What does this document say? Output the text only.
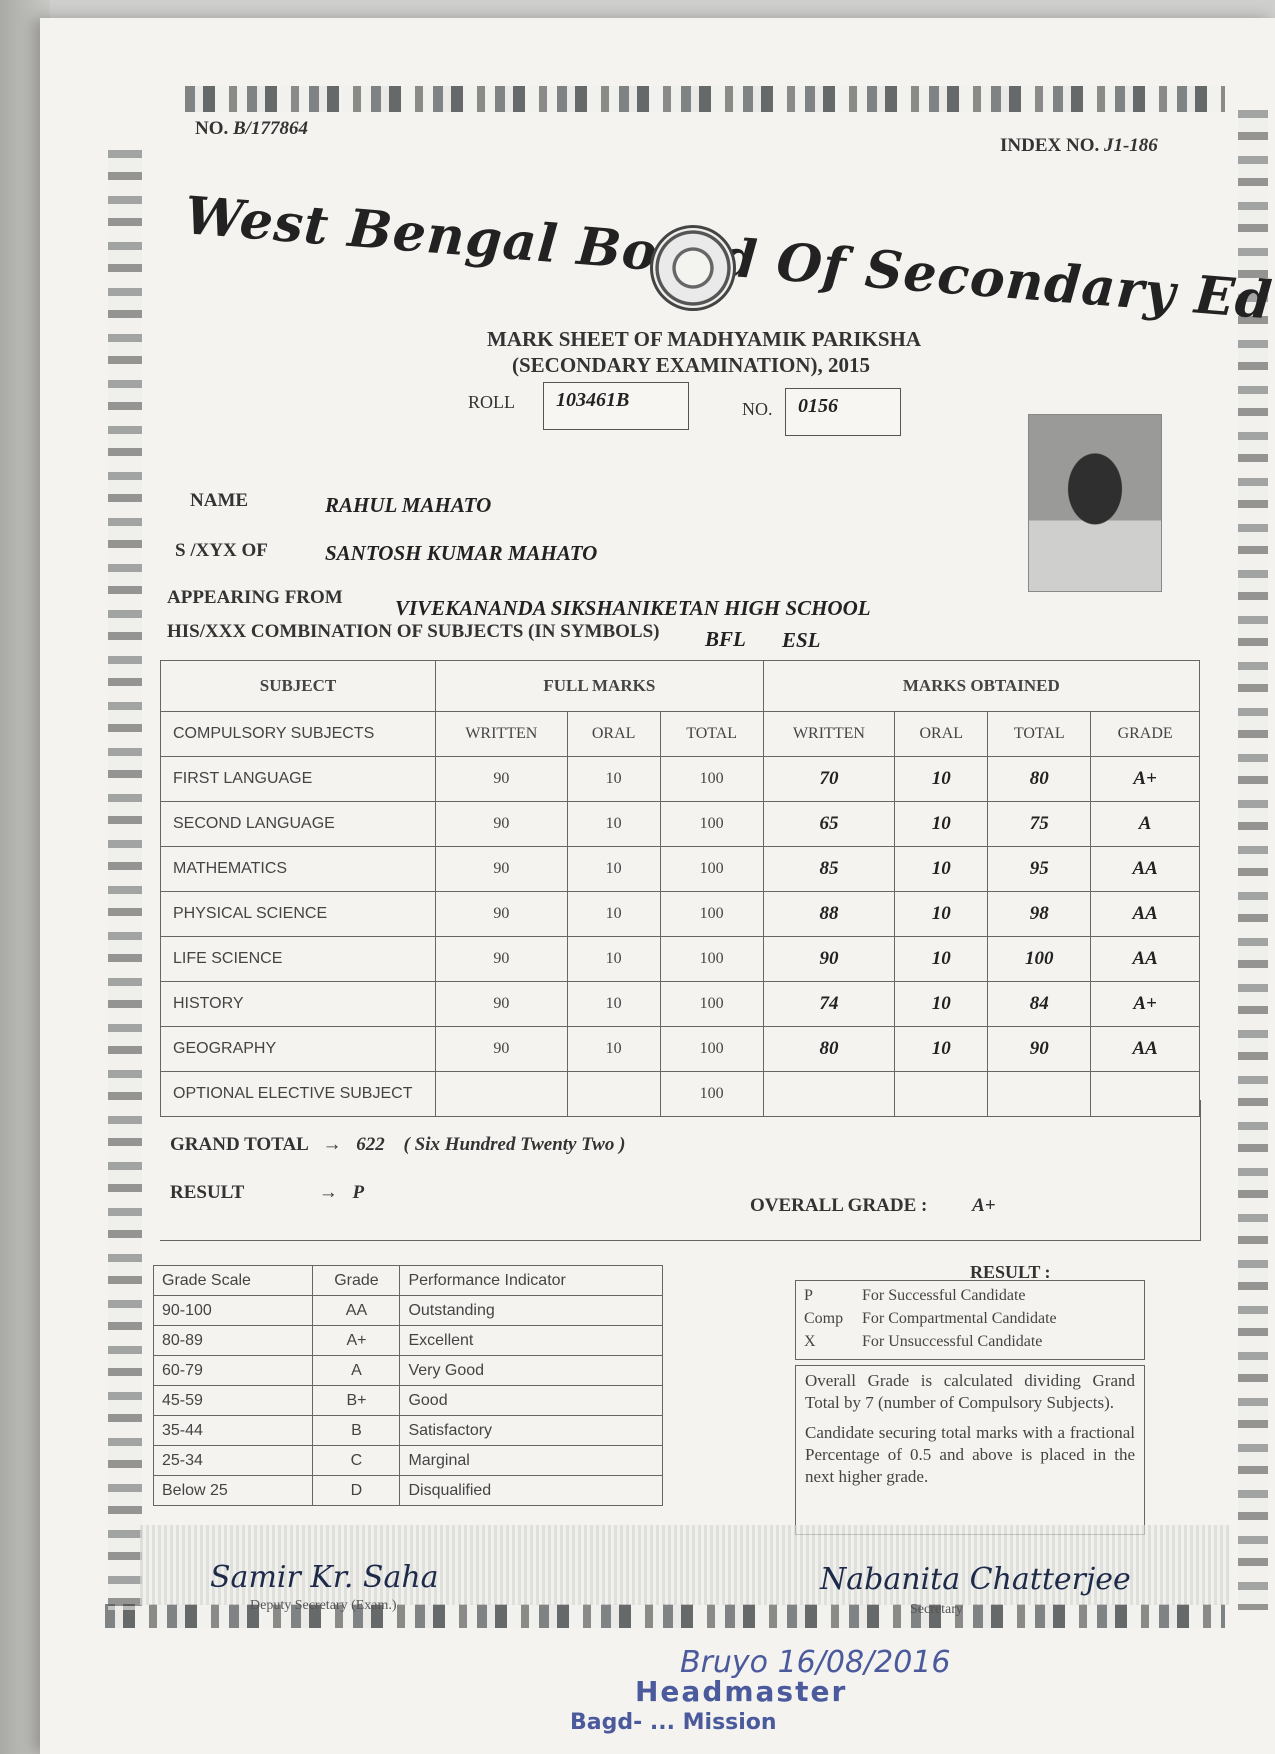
NO. B/177864
INDEX NO. J1-186
West Bengal Of Secondary
MARK SHEET OF MADHYAMIK PARIKSHA
(SECONDARY EXAMINATION), 2015
ROLL	103461B	NO.	0156
NAME	RAHUL MAHATO
S /XYX OF	SANTOSH KUMAR MAHATO
APPEARING FROM VIVEKANANDA SIKSHANIKETAN HIGH SCHOOL
HIS/XXX COMBINATION OF SUBJECTS (IN SYMBOLS) BFL ESL
SUBJECT	FULL MARKS			MARKS OBTAINED			
COMPULSORY SUBJECTS	WRITTEN	ORAL	TOTAL	WRITTEN	ORAL	TOTAL	GRADE
FIRST LANGUAGE	90	10	100	70	10	80	A+
SECOND LANGUAGE	90	10	100	65	10	75	A
MATHEMATICS	90	10	100	85	10	95	AA
PHYSICAL SCIENCE	90	10	100	88	10	98	AA
LIFE SCIENCE	90	10	100	90	10	100	AA
HISTORY	90	10	100	74	10	84	A+
GEOGRAPHY	90	10	100	80	10	90	AA
OPTIONAL ELECTIVE SUBJECT			100				
GRAND TOTAL → 622 ( Six Hundred Twenty Two )
RESULT	→ P
OVERALL GRADE : A+
Grade Scale	Grade	Performance Indicator
90-100	AA	Outstanding
80-89	A+	Excellent
60-79	A	Very Good
45-59	B+	Good
35-44	B	Satisfactory
25-34	C	Marginal
Below 25	D	Disqualified
RESULT :
P	For Successful Candidate
Comp For Compartmental Candidate
X	For Unsuccessful Candidate

Overall Grade is calculated dividing Grand Total by 7 (number of Compulsory Subjects).

Candidate securing total marks with a fractional Percentage of 0.5 and above is placed in the next higher grade.

Samir Kr. Saha
Deputy Secretary (Exam.)
Nabanita Chatterjee
Secretary
Bruyo 16/08/2016
Headmaster
Bagd- ... Mission
